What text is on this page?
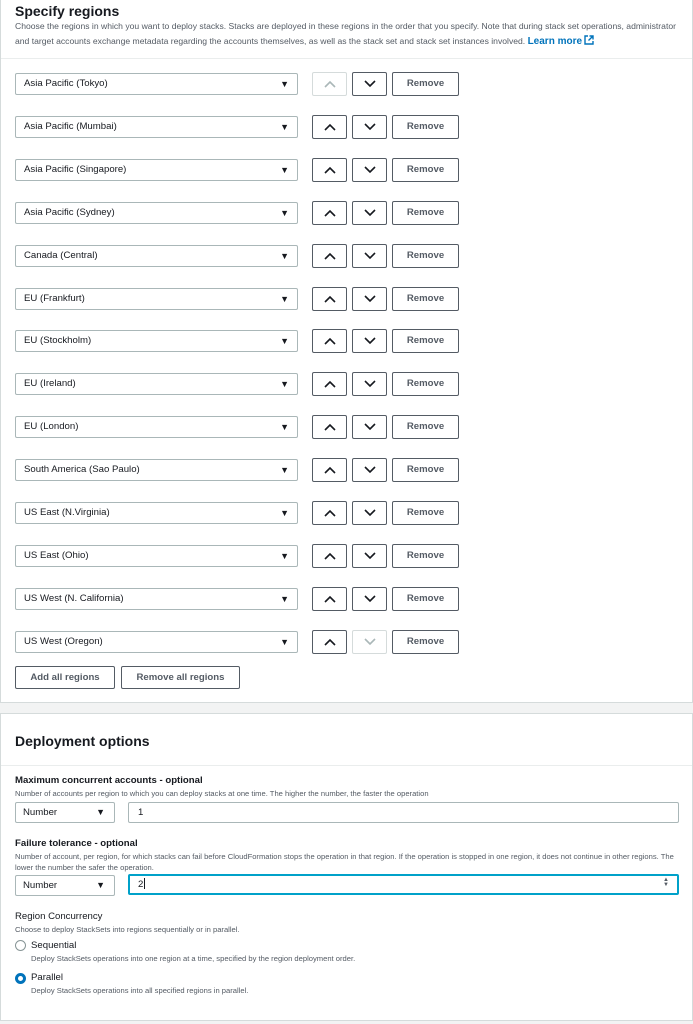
Specify regions
Choose the regions in which you want to deploy stacks. Stacks are deployed in these regions in the order that you specify. Note that during stack set operations, administrator and target accounts exchange metadata regarding the accounts themselves, as well as the stack set and stack set instances involved. Learn more
Asia Pacific (Tokyo)	▼	Remove
Asia Pacific (Mumbai)	▼	Remove
Asia Pacific (Singapore)	▼	Remove
Asia Pacific (Sydney)	▼	Remove
Canada (Central)	▼	Remove
EU (Frankfurt)	▼	Remove
EU (Stockholm)	▼	Remove
EU (Ireland)	▼	Remove
EU (London)	▼	Remove
South America (Sao Paulo)	▼	Remove
US East (N.Virginia)	▼	Remove
US East (Ohio)	▼	Remove
US West (N. California)	▼	Remove
US West (Oregon)	▼	Remove
Add all regions	Remove all regions
Deployment options
Maximum concurrent accounts - optional
Number of accounts per region to which you can deploy stacks at one time. The higher the number, the faster the operation
Number	▼	1
Failure tolerance - optional
Number of account, per region, for which stacks can fail before CloudFormation stops the operation in that region. If the operation is stopped in one region, it does not continue in other regions. The lower the number the safer the operation.
Number	▼	2	▲
▼
Region Concurrency
Choose to deploy StackSets into regions sequentially or in parallel.
Sequential
Deploy StackSets operations into one region at a time, specified by the region deployment order.
Parallel
Deploy StackSets operations into all specified regions in parallel.
